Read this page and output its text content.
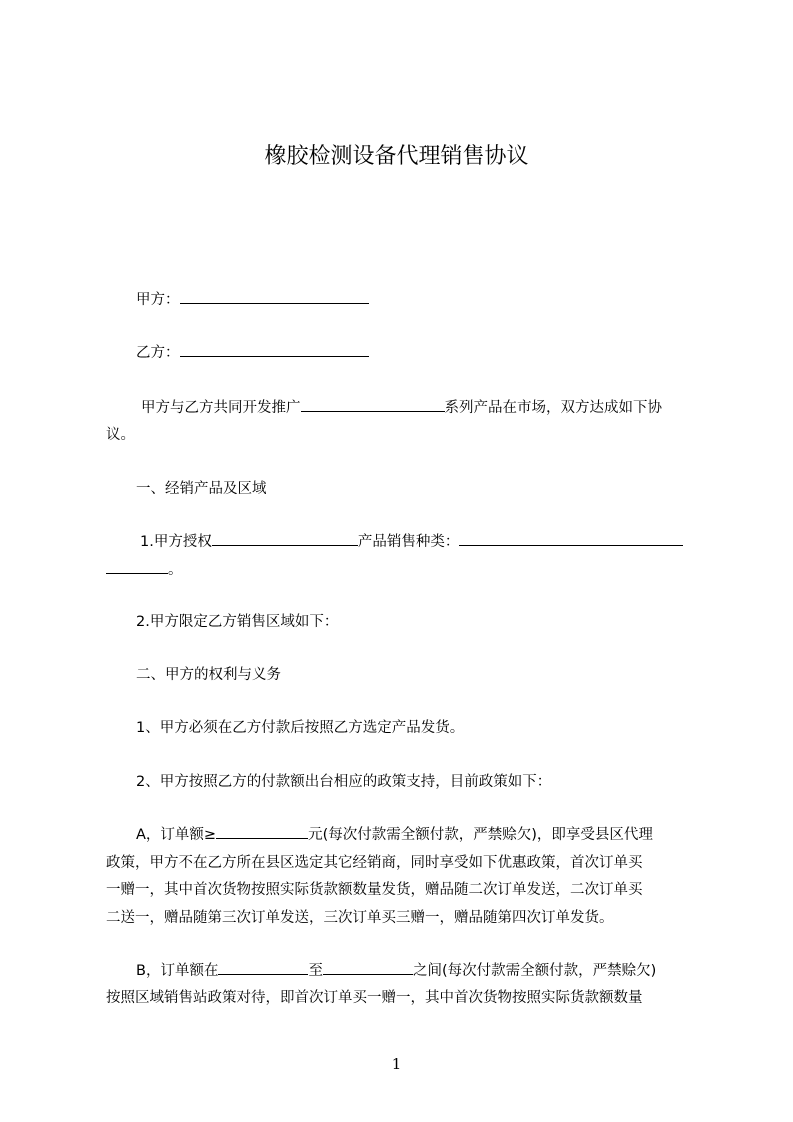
橡胶检测设备代理销售协议
甲方：
乙方：
甲方与乙方共同开发推广	系列产品在市场，双方达成如下协
议。
一、经销产品及区域
1.甲方授权	产品销售种类：
。
2.甲方限定乙方销售区域如下：
二、甲方的权利与义务
1、甲方必须在乙方付款后按照乙方选定产品发货。
2、甲方按照乙方的付款额出台相应的政策支持，目前政策如下：
A，订单额≥	元(每次付款需全额付款，严禁赊欠)，即享受县区代理
政策，甲方不在乙方所在县区选定其它经销商，同时享受如下优惠政策，首次订单买
一赠一，其中首次货物按照实际货款额数量发货，赠品随二次订单发送，二次订单买
二送一，赠品随第三次订单发送，三次订单买三赠一，赠品随第四次订单发货。
B，订单额在	至	之间(每次付款需全额付款，严禁赊欠)
按照区域销售站政策对待，即首次订单买一赠一，其中首次货物按照实际货款额数量
1
